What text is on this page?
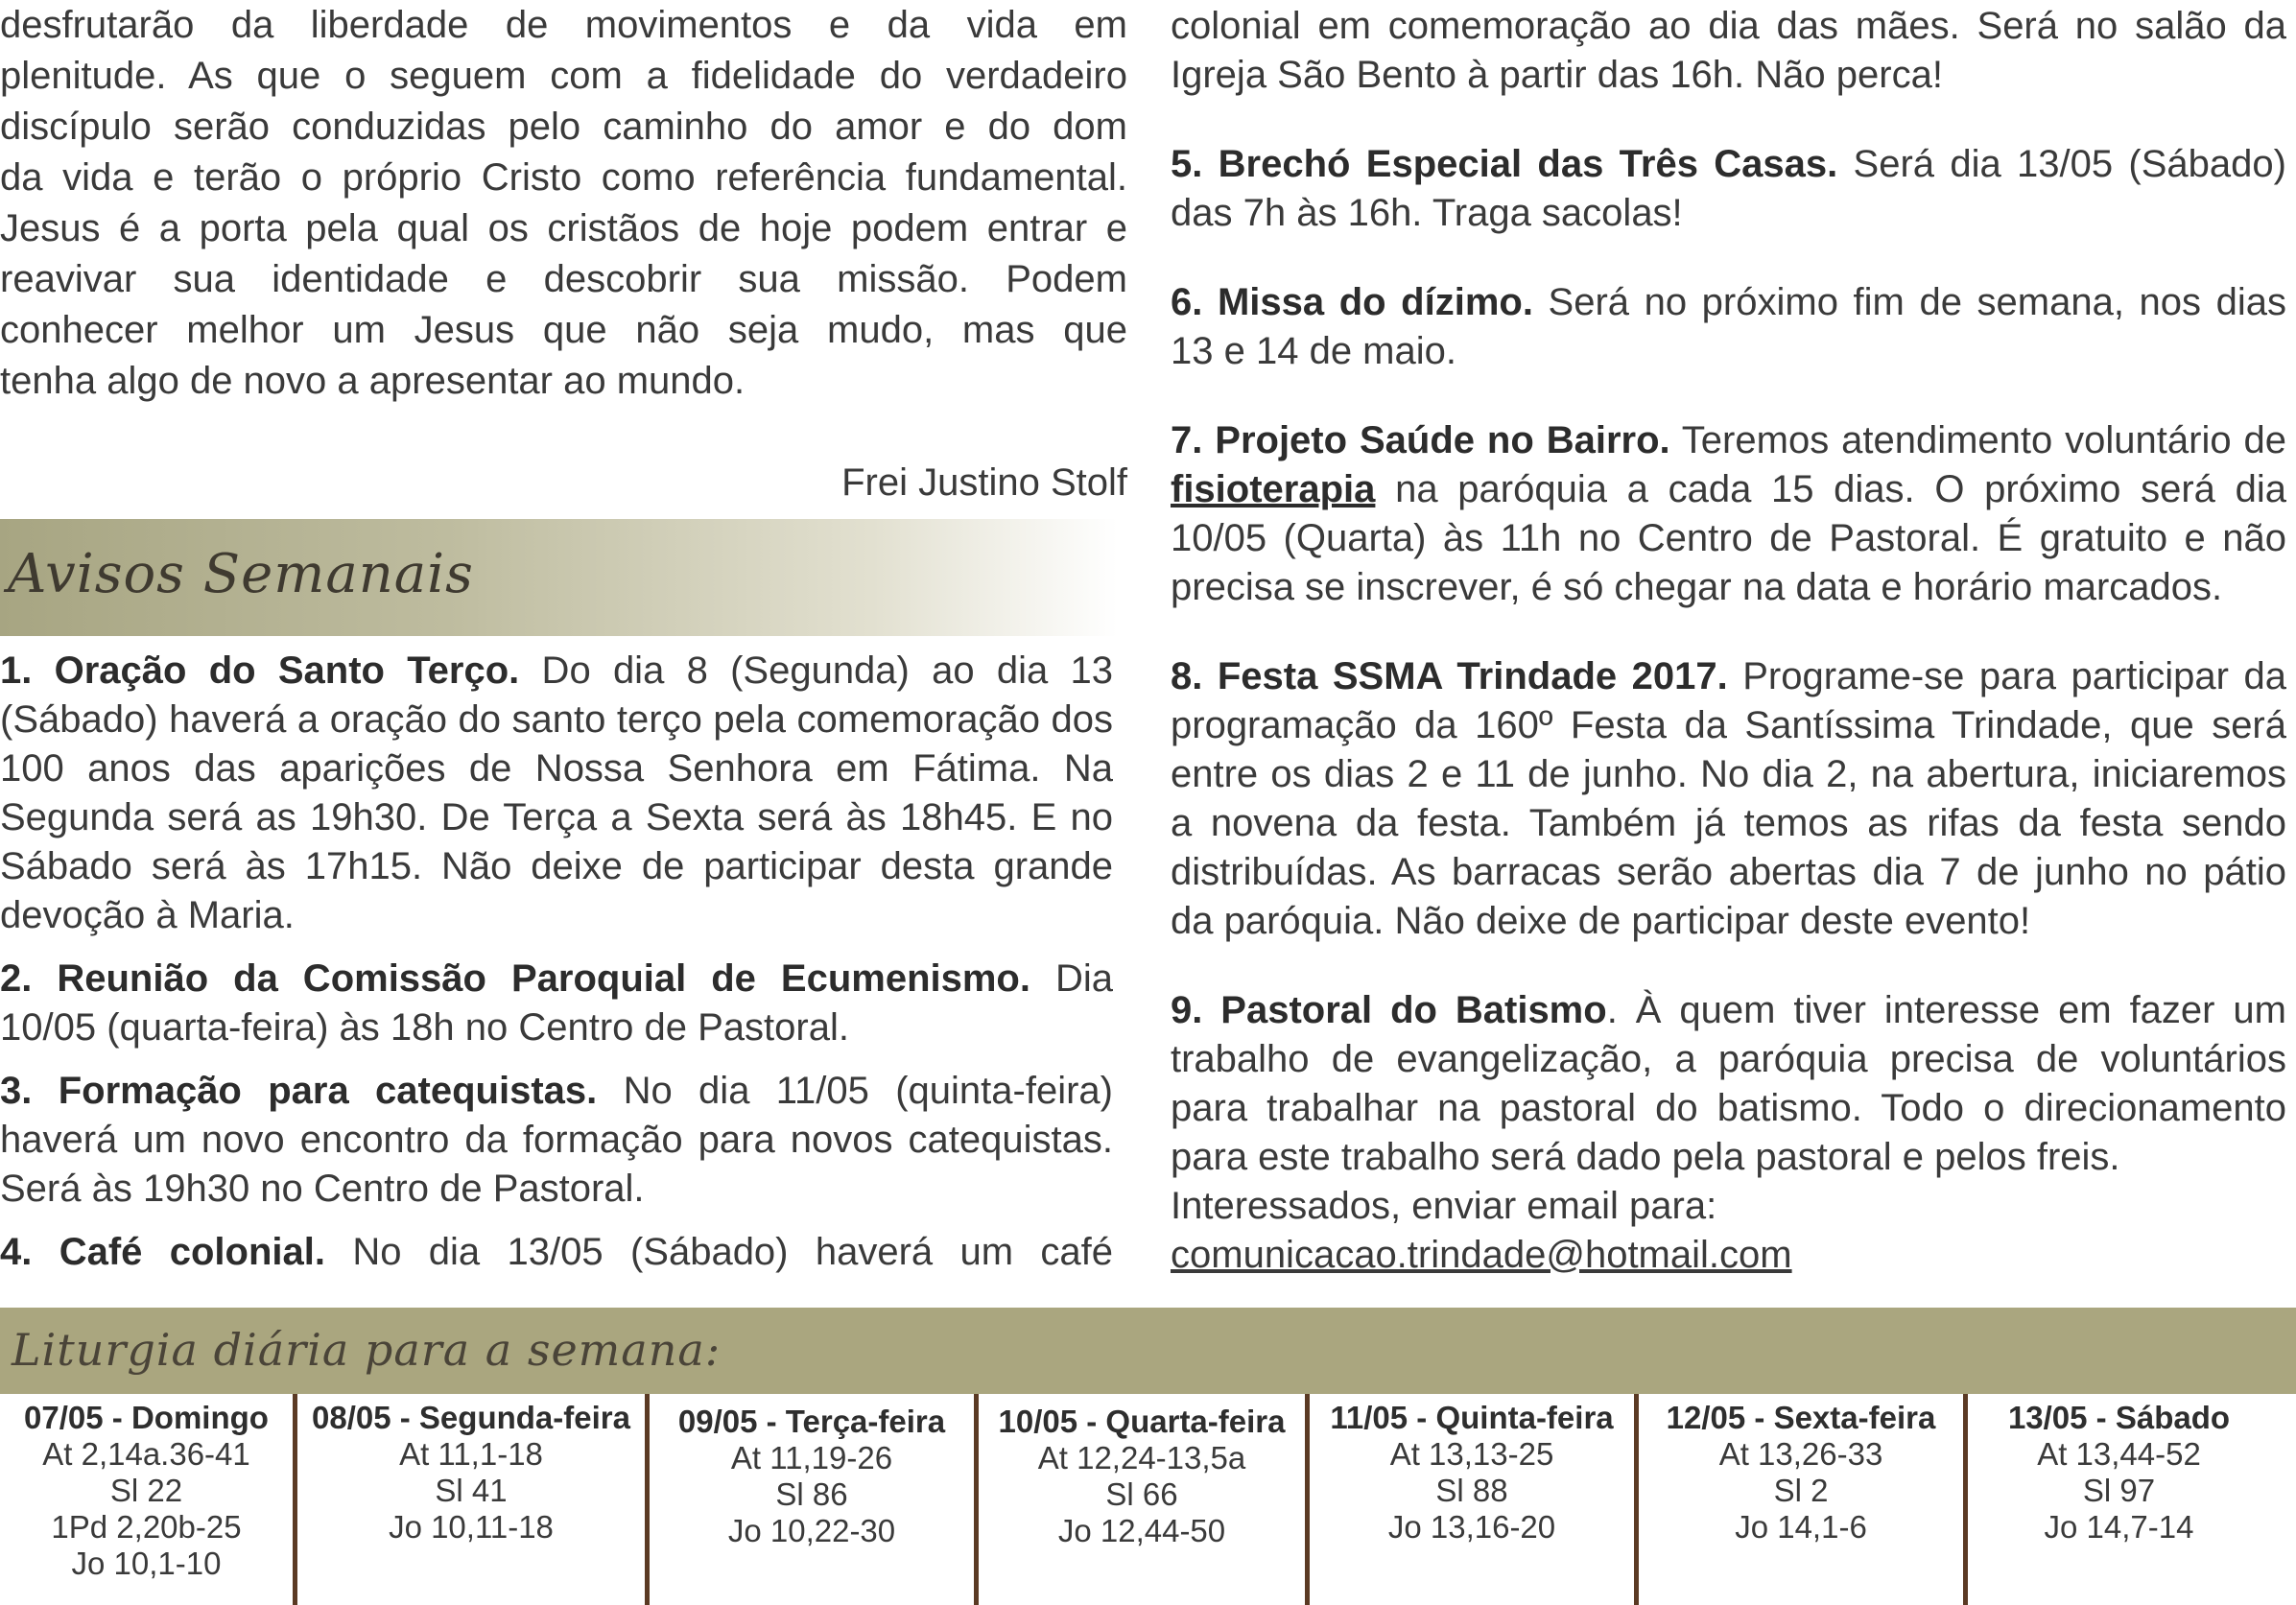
desfrutarão da liberdade de movimentos e da vida em

plenitude. As que o seguem com a fidelidade do verdadeiro

discípulo serão conduzidas pelo caminho do amor e do dom

da vida e terão o próprio Cristo como referência fundamental.

Jesus é a porta pela qual os cristãos de hoje podem entrar e

reavivar sua identidade e descobrir sua missão. Podem

conhecer melhor um Jesus que não seja mudo, mas que

tenha algo de novo a apresentar ao mundo.

Frei Justino Stolf

Avisos Semanais

1. Oração do Santo Terço. Do dia 8 (Segunda) ao dia 13 (Sábado) haverá a oração do santo terço pela comemoração dos 100 anos das aparições de Nossa Senhora em Fátima. Na Segunda será as 19h30. De Terça a Sexta será às 18h45. E no Sábado será às 17h15. Não deixe de participar desta grande devoção à Maria.

2. Reunião da Comissão Paroquial de Ecumenismo. Dia 10/05 (quarta-feira) às 18h no Centro de Pastoral.

3. Formação para catequistas. No dia 11/05 (quinta-feira) haverá um novo encontro da formação para novos catequistas. Será às 19h30 no Centro de Pastoral.

4. Café colonial. No dia 13/05 (Sábado) haverá um café

colonial em comemoração ao dia das mães. Será no salão da Igreja São Bento à partir das 16h. Não perca!

5. Brechó Especial das Três Casas. Será dia 13/05 (Sábado) das 7h às 16h. Traga sacolas!

6. Missa do dízimo. Será no próximo fim de semana, nos dias 13 e 14 de maio.

7. Projeto Saúde no Bairro. Teremos atendimento voluntário de fisioterapia na paróquia a cada 15 dias. O próximo será dia 10/05 (Quarta) às 11h no Centro de Pastoral. É gratuito e não precisa se inscrever, é só chegar na data e horário marcados.

8. Festa SSMA Trindade 2017. Programe-se para participar da programação da 160º Festa da Santíssima Trindade, que será entre os dias 2 e 11 de junho. No dia 2, na abertura, iniciaremos a novena da festa. Também já temos as rifas da festa sendo distribuídas. As barracas serão abertas dia 7 de junho no pátio da paróquia. Não deixe de participar deste evento!

9. Pastoral do Batismo. À quem tiver interesse em fazer um trabalho de evangelização, a paróquia precisa de voluntários para trabalhar na pastoral do batismo. Todo o direcionamento para este trabalho será dado pela pastoral e pelos freis.

Interessados, enviar email para:

comunicacao.trindade@hotmail.com

Liturgia diária para a semana:
07/05 - Domingo
At 2,14a.36-41
Sl 22
1Pd 2,20b-25
Jo 10,1-10
08/05 - Segunda-feira
At 11,1-18
Sl 41
Jo 10,11-18
09/05 - Terça-feira
At 11,19-26
Sl 86
Jo 10,22-30
10/05 - Quarta-feira
At 12,24-13,5a
Sl 66
Jo 12,44-50
11/05 - Quinta-feira
At 13,13-25
Sl 88
Jo 13,16-20
12/05 - Sexta-feira
At 13,26-33
Sl 2
Jo 14,1-6
13/05 - Sábado
At 13,44-52
Sl 97
Jo 14,7-14
